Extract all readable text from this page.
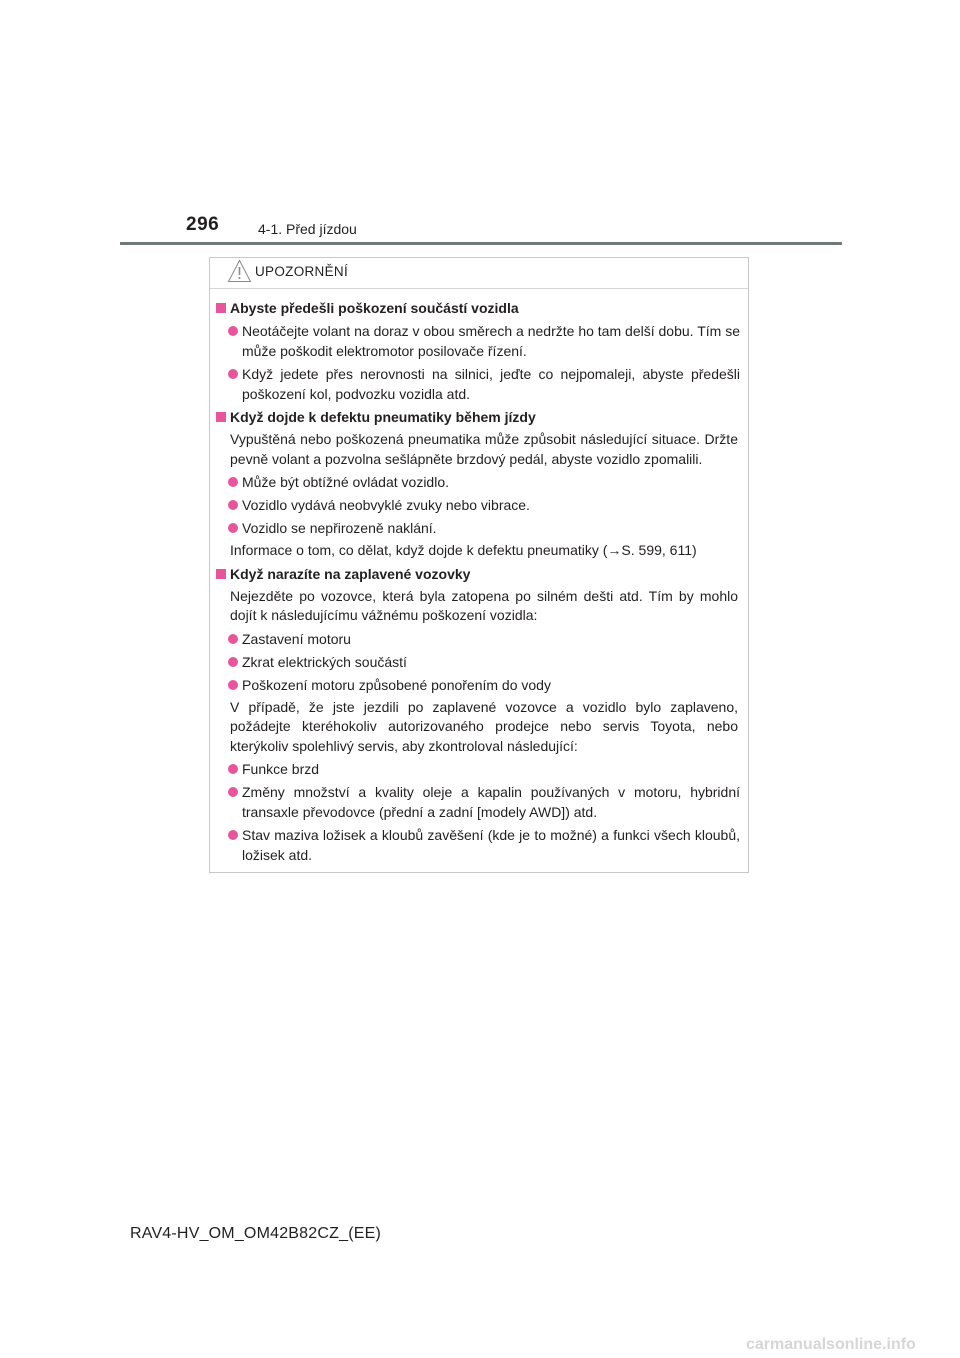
296	4-1. Před jízdou
UPOZORNĚNÍ
Abyste předešli poškození součástí vozidla
Neotáčejte volant na doraz v obou směrech a nedržte ho tam delší dobu. Tím se může poškodit elektromotor posilovače řízení.
Když jedete přes nerovnosti na silnici, jeďte co nejpomaleji, abyste předešli poškození kol, podvozku vozidla atd.
Když dojde k defektu pneumatiky během jízdy
Vypuštěná nebo poškozená pneumatika může způsobit následující situace. Držte pevně volant a pozvolna sešlápněte brzdový pedál, abyste vozidlo zpomalili.
Může být obtížné ovládat vozidlo.
Vozidlo vydává neobvyklé zvuky nebo vibrace.
Vozidlo se nepřirozeně naklání.
Informace o tom, co dělat, když dojde k defektu pneumatiky (→S. 599, 611)
Když narazíte na zaplavené vozovky
Nejezděte po vozovce, která byla zatopena po silném dešti atd. Tím by mohlo dojít k následujícímu vážnému poškození vozidla:
Zastavení motoru
Zkrat elektrických součástí
Poškození motoru způsobené ponořením do vody
V případě, že jste jezdili po zaplavené vozovce a vozidlo bylo zaplaveno, požádejte kteréhokoliv autorizovaného prodejce nebo servis Toyota, nebo kterýkoliv spolehlivý servis, aby zkontroloval následující:
Funkce brzd
Změny množství a kvality oleje a kapalin používaných v motoru, hybridní transaxle převodovce (přední a zadní [modely AWD]) atd.
Stav maziva ložisek a kloubů zavěšení (kde je to možné) a funkci všech kloubů, ložisek atd.
RAV4-HV_OM_OM42B82CZ_(EE)
carmanualsonline.info
